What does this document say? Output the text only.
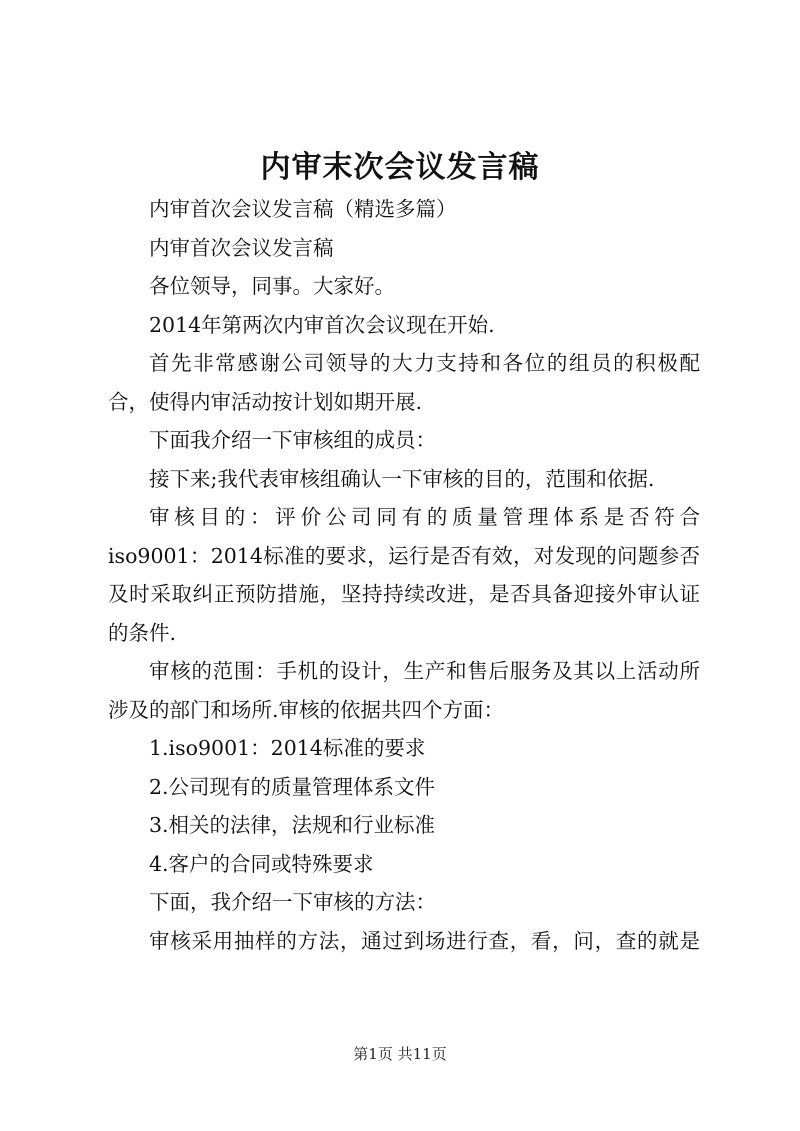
内审末次会议发言稿

内审首次会议发言稿（精选多篇）

内审首次会议发言稿

各位领导，同事。大家好。

2014年第两次内审首次会议现在开始.

首先非常感谢公司领导的大力支持和各位的组员的积极配合，使得内审活动按计划如期开展.

下面我介绍一下审核组的成员：

接下来;我代表审核组确认一下审核的目的，范围和依据.

审核目的：评价公司同有的质量管理体系是否符合iso9001：2014标准的要求，运行是否有效，对发现的问题参否及时采取纠正预防措施，坚持持续改进，是否具备迎接外审认证的条件.

审核的范围：手机的设计，生产和售后服务及其以上活动所涉及的部门和场所.审核的依据共四个方面：

1.iso9001：2014标准的要求

2.公司现有的质量管理体系文件

3.相关的法律，法规和行业标准

4.客户的合同或特殊要求

下面，我介绍一下审核的方法：

审核采用抽样的方法，通过到场进行查，看，问，查的就是

第1页 共11页
